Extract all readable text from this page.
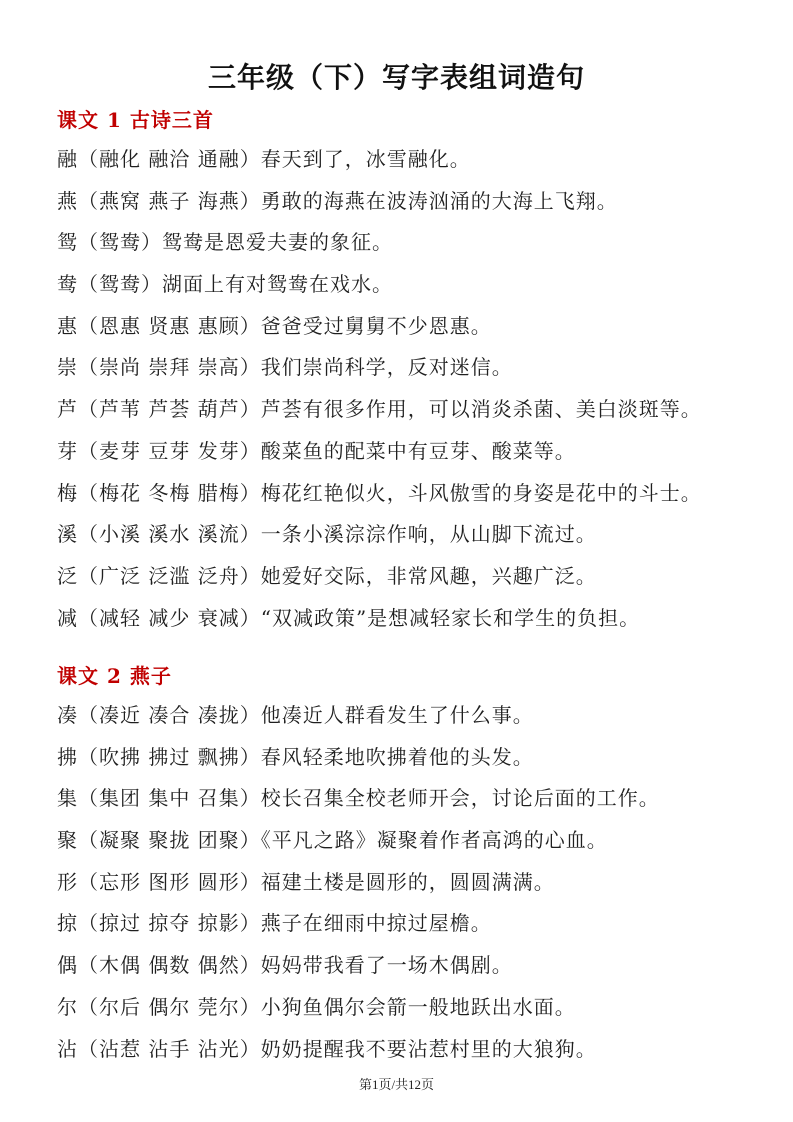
三年级（下）写字表组词造句
课文 1 古诗三首
融（融化 融洽 通融）春天到了，冰雪融化。
燕（燕窝 燕子 海燕）勇敢的海燕在波涛汹涌的大海上飞翔。
鸳（鸳鸯）鸳鸯是恩爱夫妻的象征。
鸯（鸳鸯）湖面上有对鸳鸯在戏水。
惠（恩惠 贤惠 惠顾）爸爸受过舅舅不少恩惠。
崇（崇尚 崇拜 崇高）我们崇尚科学，反对迷信。
芦（芦苇 芦荟 葫芦）芦荟有很多作用，可以消炎杀菌、美白淡斑等。
芽（麦芽 豆芽 发芽）酸菜鱼的配菜中有豆芽、酸菜等。
梅（梅花 冬梅 腊梅）梅花红艳似火，斗风傲雪的身姿是花中的斗士。
溪（小溪 溪水 溪流）一条小溪淙淙作响，从山脚下流过。
泛（广泛 泛滥 泛舟）她爱好交际，非常风趣，兴趣广泛。
减（减轻 减少 衰减）“双减政策”是想减轻家长和学生的负担。
课文 2 燕子
凑（凑近 凑合 凑拢）他凑近人群看发生了什么事。
拂（吹拂 拂过 飘拂）春风轻柔地吹拂着他的头发。
集（集团 集中 召集）校长召集全校老师开会，讨论后面的工作。
聚（凝聚 聚拢 团聚）《平凡之路》凝聚着作者高鸿的心血。
形（忘形 图形 圆形）福建土楼是圆形的，圆圆满满。
掠（掠过 掠夺 掠影）燕子在细雨中掠过屋檐。
偶（木偶 偶数 偶然）妈妈带我看了一场木偶剧。
尔（尔后 偶尔 莞尔）小狗鱼偶尔会箭一般地跃出水面。
沾（沾惹 沾手 沾光）奶奶提醒我不要沾惹村里的大狼狗。
第1页/共12页
